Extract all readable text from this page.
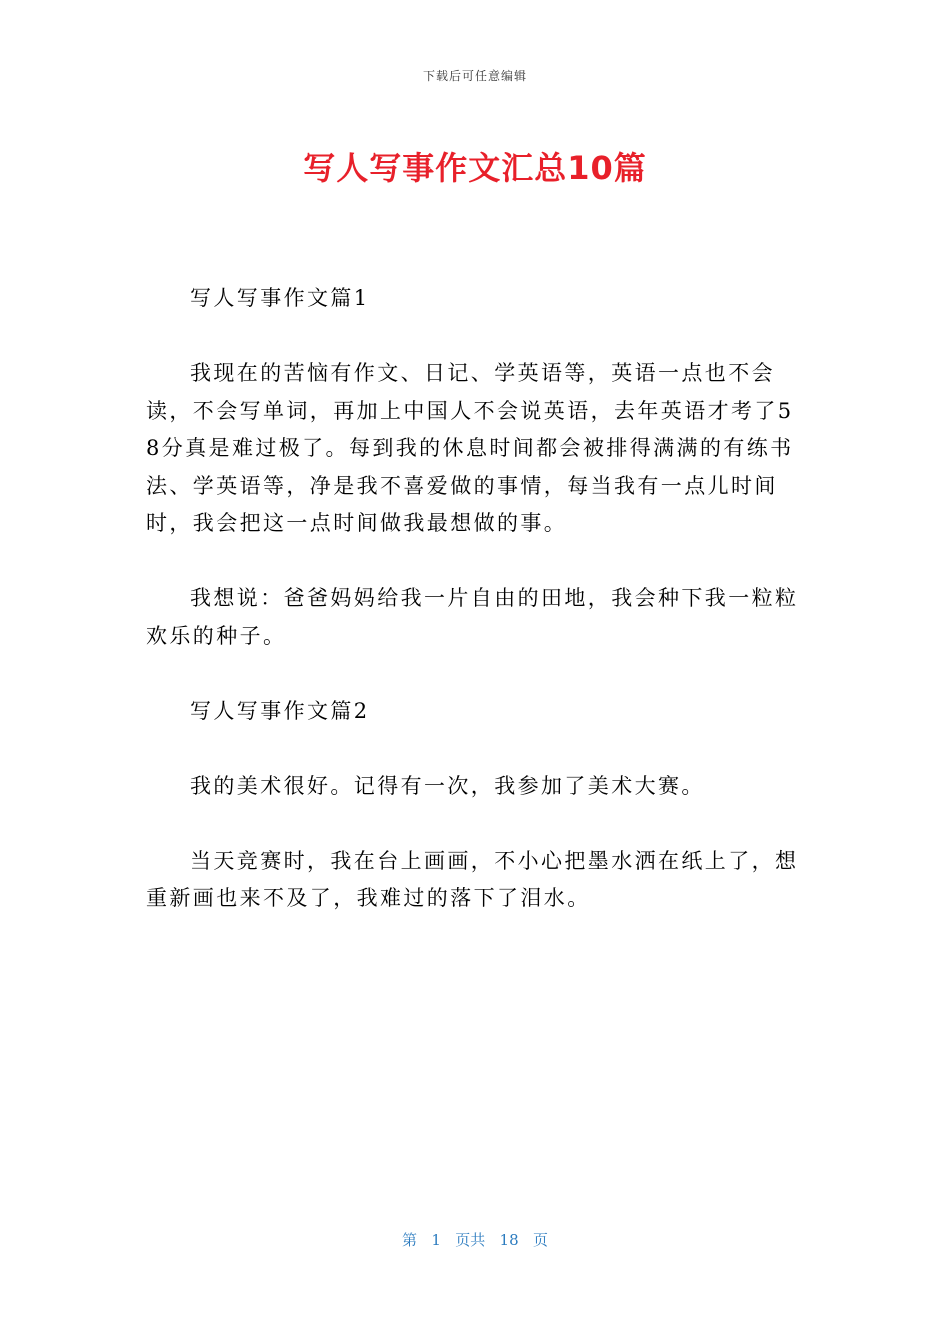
下载后可任意编辑
写人写事作文汇总10篇

写人写事作文篇1

我现在的苦恼有作文、日记、学英语等，英语一点也不会读，不会写单词，再加上中国人不会说英语，去年英语才考了58分真是难过极了。每到我的休息时间都会被排得满满的有练书法、学英语等，净是我不喜爱做的事情，每当我有一点儿时间时，我会把这一点时间做我最想做的事。

我想说：爸爸妈妈给我一片自由的田地，我会种下我一粒粒欢乐的种子。

写人写事作文篇2

我的美术很好。记得有一次，我参加了美术大赛。

当天竞赛时，我在台上画画，不小心把墨水洒在纸上了，想重新画也来不及了，我难过的落下了泪水。

第 1 页共 18 页
